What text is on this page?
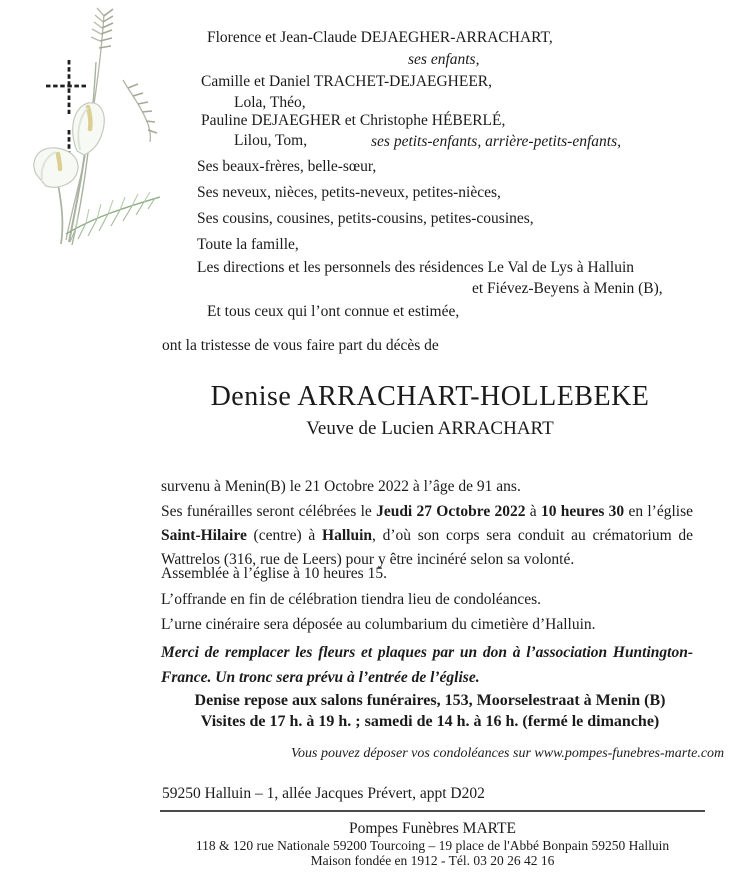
Florence et Jean-Claude DEJAEGHER-ARRACHART,
ses enfants,
Camille et Daniel TRACHET-DEJAEGHEER,
Lola, Théo,
Pauline DEJAEGHER et Christophe HÉBERLÉ,
Lilou, Tom,	ses petits-enfants, arrière-petits-enfants,
Ses beaux-frères, belle-sœur,
Ses neveux, nièces, petits-neveux, petites-nièces,
Ses cousins, cousines, petits-cousins, petites-cousines,
Toute la famille,
Les directions et les personnels des résidences Le Val de Lys à Halluin
et Fiévez-Beyens à Menin (B),
Et tous ceux qui l’ont connue et estimée,
ont la tristesse de vous faire part du décès de
Denise ARRACHART-HOLLEBEKE
Veuve de Lucien ARRACHART
survenu à Menin(B) le 21 Octobre 2022 à l’âge de 91 ans.
Ses funérailles seront célébrées le Jeudi 27 Octobre 2022 à 10 heures 30 en l’église Saint-Hilaire (centre) à Halluin, d’où son corps sera conduit au crématorium de Wattrelos (316, rue de Leers) pour y être incinéré selon sa volonté.
Assemblée à l’église à 10 heures 15.
L’offrande en fin de célébration tiendra lieu de condoléances.
L’urne cinéraire sera déposée au columbarium du cimetière d’Halluin.
Merci de remplacer les fleurs et plaques par un don à l’association Huntington-France. Un tronc sera prévu à l’entrée de l’église.
Denise repose aux salons funéraires, 153, Moorselestraat à Menin (B)
Visites de 17 h. à 19 h. ; samedi de 14 h. à 16 h. (fermé le dimanche)
Vous pouvez déposer vos condoléances sur www.pompes-funebres-marte.com
59250 Halluin – 1, allée Jacques Prévert, appt D202
Pompes Funèbres MARTE
118 & 120 rue Nationale 59200 Tourcoing – 19 place de l'Abbé Bonpain 59250 Halluin
Maison fondée en 1912 - Tél. 03 20 26 42 16
